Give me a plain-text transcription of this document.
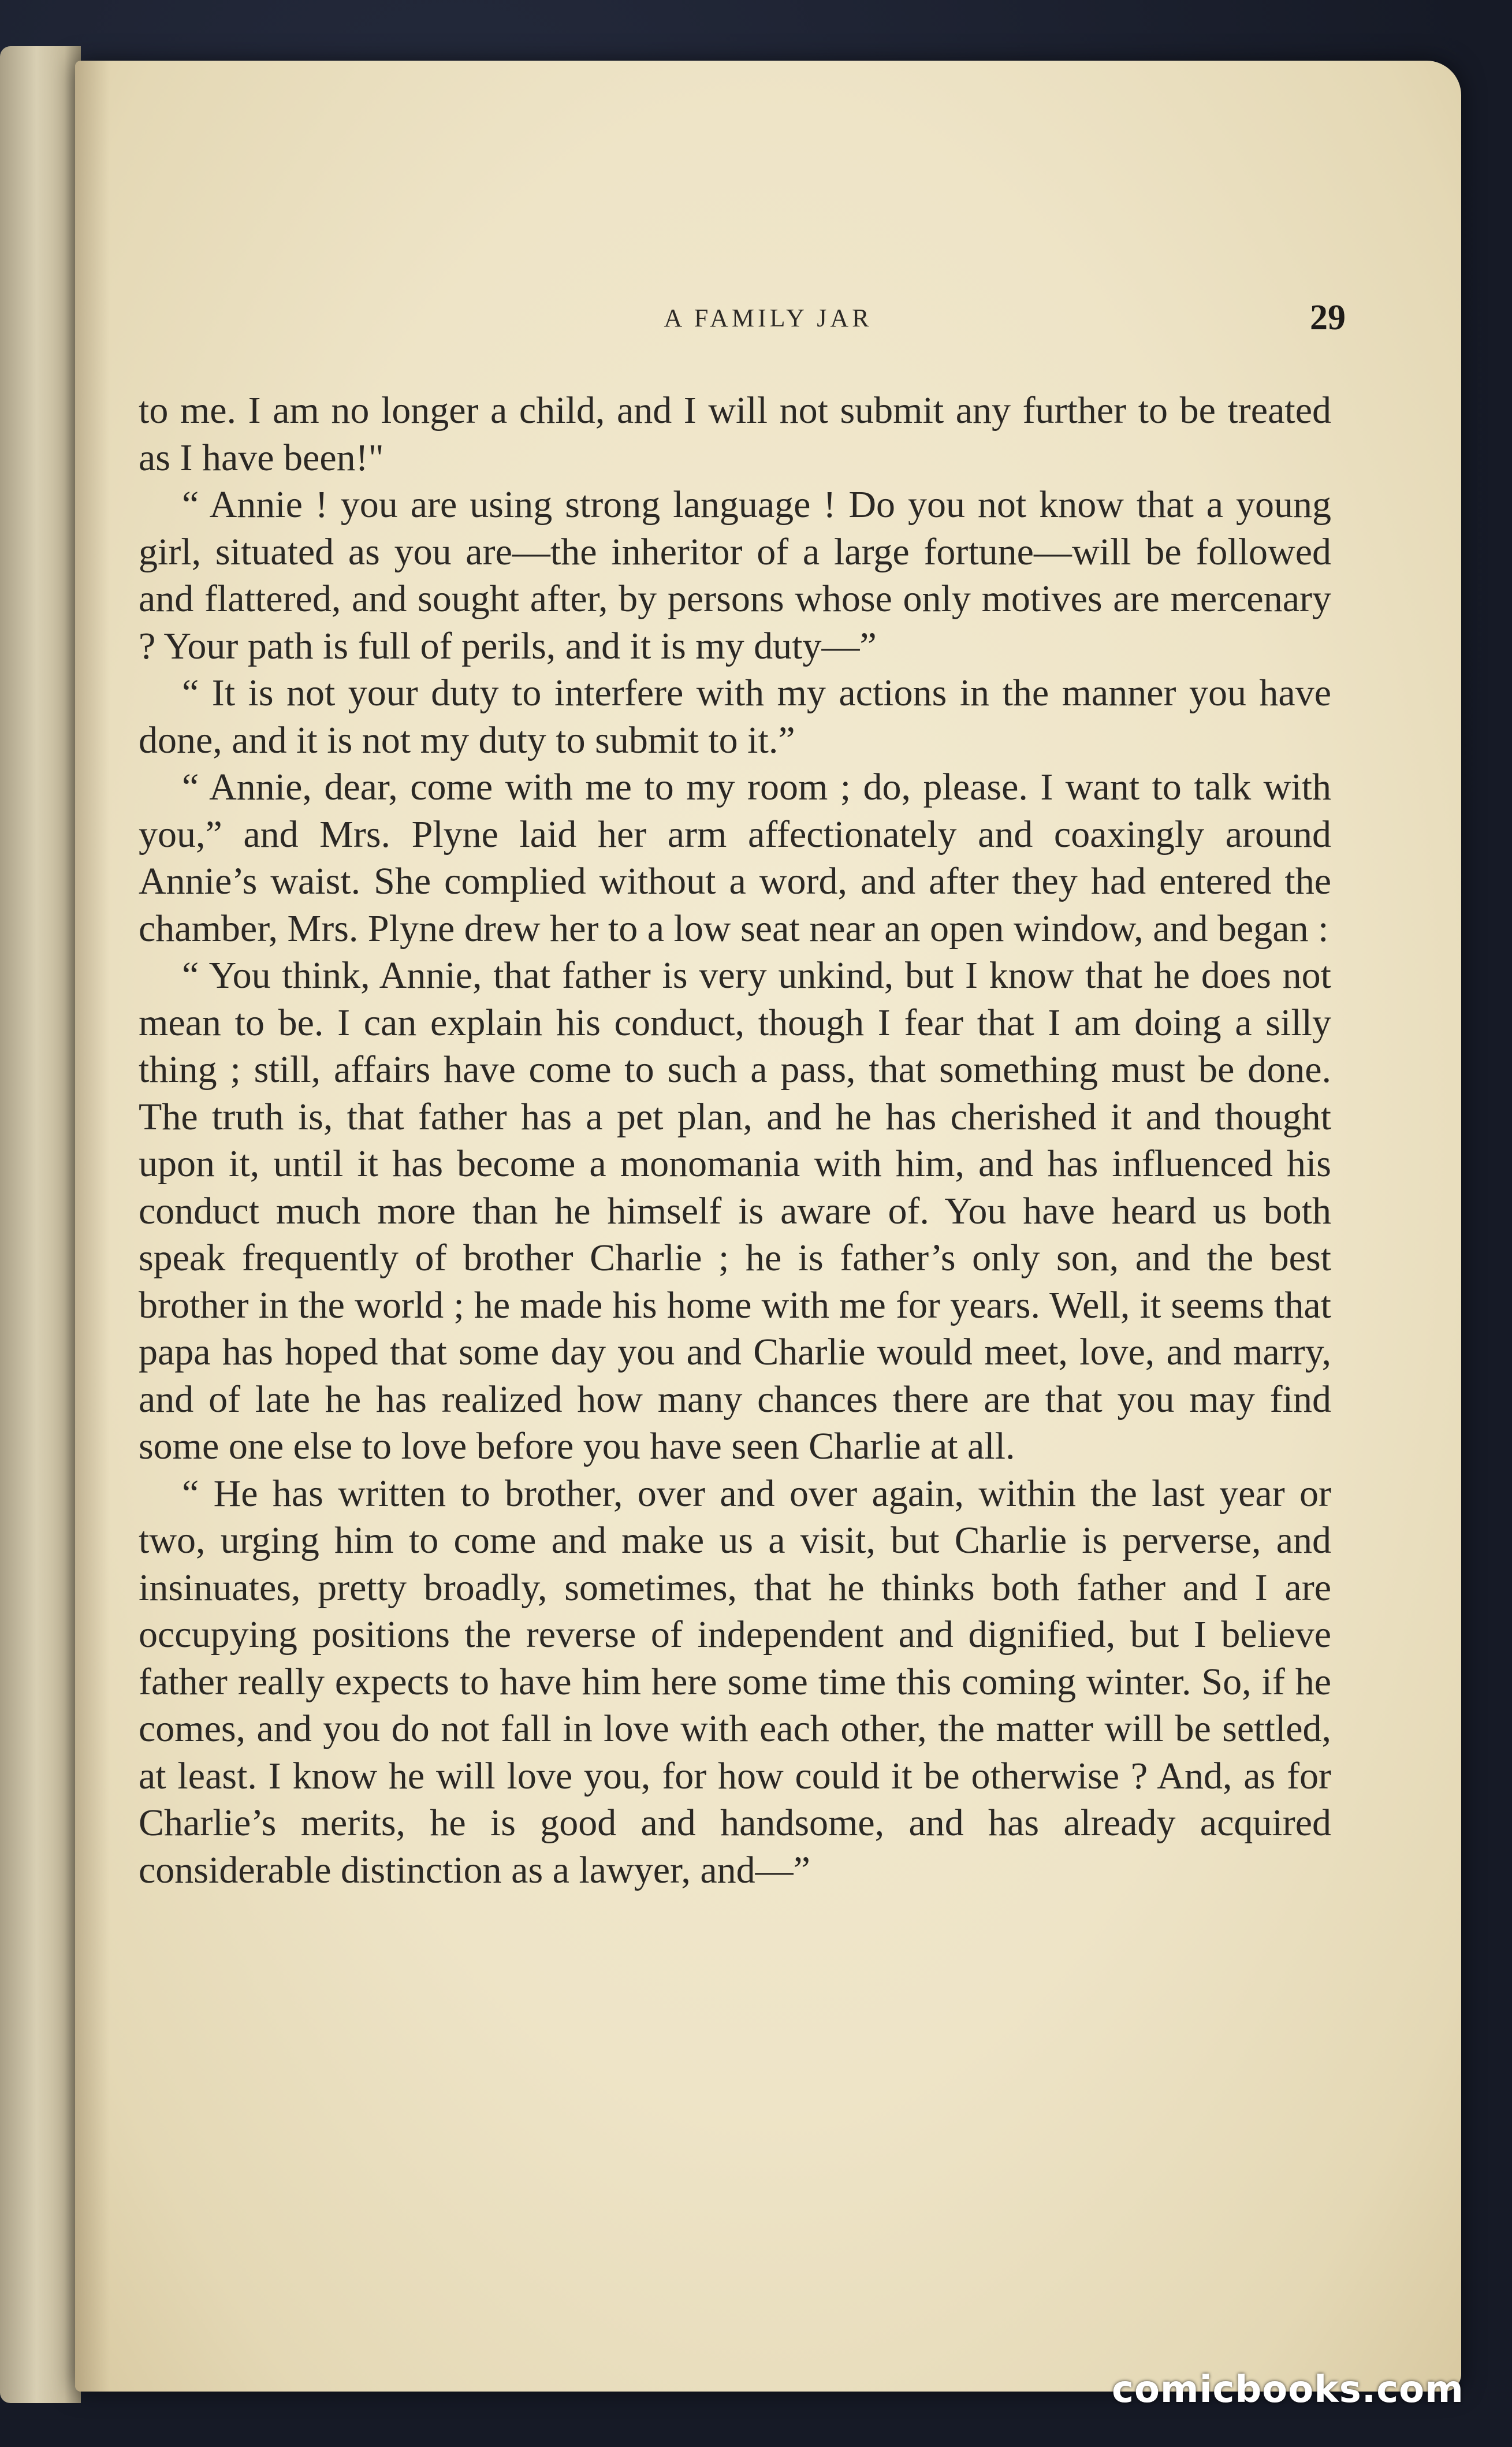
A FAMILY JAR	29

to me. I am no longer a child, and I will not submit any further to be treated as I have been!"

“ Annie ! you are using strong language ! Do you not know that a young girl, situated as you are—the inheritor of a large fortune—will be followed and flattered, and sought after, by persons whose only motives are mercenary ? Your path is full of perils, and it is my duty—”

“ It is not your duty to interfere with my actions in the manner you have done, and it is not my duty to submit to it.”

“ Annie, dear, come with me to my room ; do, please. I want to talk with you,” and Mrs. Plyne laid her arm affectionately and coaxingly around Annie’s waist. She complied without a word, and after they had entered the chamber, Mrs. Plyne drew her to a low seat near an open window, and began :

“ You think, Annie, that father is very unkind, but I know that he does not mean to be. I can explain his conduct, though I fear that I am doing a silly thing ; still, affairs have come to such a pass, that something must be done. The truth is, that father has a pet plan, and he has cherished it and thought upon it, until it has become a monomania with him, and has influenced his conduct much more than he himself is aware of. You have heard us both speak frequently of brother Charlie ; he is father’s only son, and the best brother in the world ; he made his home with me for years. Well, it seems that papa has hoped that some day you and Charlie would meet, love, and marry, and of late he has realized how many chances there are that you may find some one else to love before you have seen Charlie at all.

“ He has written to brother, over and over again, within the last year or two, urging him to come and make us a visit, but Charlie is perverse, and insinuates, pretty broadly, sometimes, that he thinks both father and I are occupying positions the reverse of independent and dignified, but I believe father really expects to have him here some time this coming winter. So, if he comes, and you do not fall in love with each other, the matter will be settled, at least. I know he will love you, for how could it be otherwise ? And, as for Charlie’s merits, he is good and handsome, and has already acquired considerable distinction as a lawyer, and—”

comicbooks.com
